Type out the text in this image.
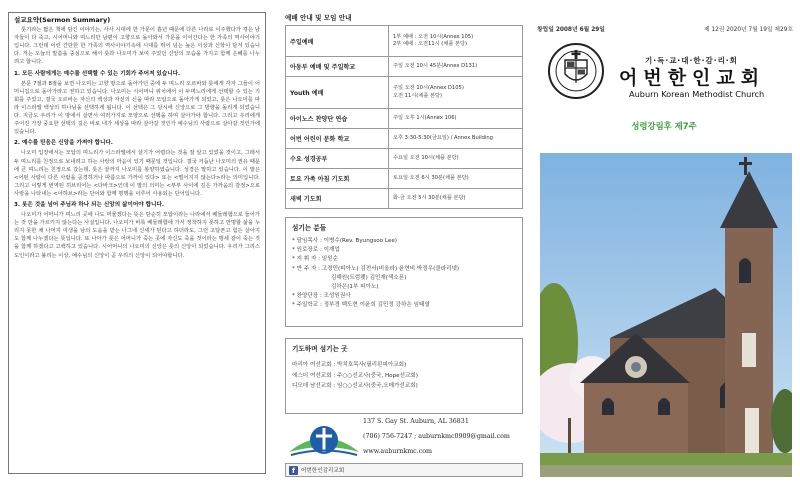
설교요약(Sermon Summary)

룻기라는 짧은 책에 담긴 이야기는, 사사 시대에 한 가문이 흉년 때문에 다른 나라로 이주했다가 겪은 남자들이 다 죽고, 시어머니와 며느리만 남편이 고향으로 돌아와서 가문을 이어간다는 한 가족의 역사이야기입니다. 그런데 이런 간단한 한 가족의 역사이야기속에 시대를 뛰어 넘는 높은 이상과 신학이 담겨 있습니다. 저는 오늘의 말씀을 중심으로 해서 룻과 나오미가 보여 주었던 신앙의 모습을 가지고 함께 은혜를 나누려고 합니다.

1. 모든 사람에게는 예수를 선택할 수 있는 기회가 주어져 있습니다.

본문 7절과 8절을 보면 나오미는 고향 땅으로 돌아가던 중에 두 며느리 오르바와 룻에게 각자 그들이 어머니집으로 돌아가라고 권하고 있습니다. 나오미는 시어머니 위치에서 이 두며느리에게 선택할 수 있는 기회를 주었고, 결국 오르바는 자신의 백성과 자신의 신을 따라 모압으로 돌아가게 되었고, 룻은 나오미를 따라 이스라엘 백성의 하나님을 선택하게 됩니다. 이 선택은 그 당시에 신앙으로 그 방향을 돌리게 되었습니다. 지금도 우리가 이 땅에서 살면서 여러가지로 모양으로 선택을 하며 살아가야 합니다. 그리고 우리에게 주어진 가장 중요한 선택의 길은 바로 내가 세상을 따라 살아갈 것인가 예수님의 사람으로 살아갈 것인가에 있습니다.

2. 예수를 믿음은 신앙을 가져야 합니다.

나오미 입장에서는 모압의 며느리가 이스라엘에서 살기가 어렵다는 것을 잘 알고 있었을 것이고, 그래서 두 며느리를 친정으로 보내려고 하는 사랑의 마음이 있기 때문일 것입니다. 결국 거듭난 나오미의 권유 때문에 큰 며느리는 친정으로 갔는데, 룻은 끝까지 나오미를 봉양하였습니다. 성경은 말하고 있습니다. 이 말은 <어떤 사람이 다른 사람을 공경하거나 따름으로 가까이 있다> 또는 <떨어지지 않는다>라는 의미입니다. 그리고 이렇게 번역된 히브리어는 <다바크>인데 이 말의 의미는 <부부 사이에 깊은 가까움의 감정>으로 사랑을 나타내는 <아하브>라는 단어와 함께 평행을 이루어 사용되는 단어입니다.

3. 룻은 것을 넘어 주님과 하나 되는 신앙의 삶이어야 합니다.

나오미가 어머니가 며느리 곳에 나도 머물겠다는 뜻은 단순히 모압이라는 나라에서 베들레헴으로 들어가는 것 만을 가르키지 않는다는 사실입니다. 나오미가 비록 베들레헴에 가서 정착하지 못하고 만명할 삶을 누리지 못한 채 나머지 여생을 남의 도움을 받는 나그네 신세가 된다고 하더라도, 그런 고달픈고 힘든 살아지도 함께 나누겠다는 뜻입니다. 또 나아가 룻은 어머니가 죽는 곳에 자신도 죽을 것이라는 맹세 같이 죽는 것을 함께 하겠다고 고백하고 있습니다. 시어머니의 나오미의 신앙은 룻의 신앙이 되었습니다. 우리가 그리스도인이라고 불리는 이상, 예수님의 신앙이 곧 우리의 신앙이 되어야합니다.

예배 안내 및 모임 안내
주일예배	1부 예배 : 오전 10시(Annex 105)
2부 예배 : 오전11시 (채플 본당)

아동부 예배 및 주일학교	주일 오전 10시 45분(Annex D131)

Youth 예배	주일 오전 10시(Annex D105)
오전 11시(채플 본당)

아이노스 찬양단 연습	주일 오후 1시(Annex 106)

어번 어린이 문화 학교	오후 3:30-5:30(금요일) / Annex Building

수요 성경공부	수요일 오전 10시(채플 본당)

토요 가족 아침 기도회	토요일 오전 6시 30분(채플 본당)

새벽 기도회	화-금 오전 5시 30분(채플 본당)
섬기는 분들
* 담임목사 : 이병수(Rev. Byungsoo Lee)
* 원로장로 : 이재업
* 지 휘 자 : 임원순
* 반 주 자 : 고경민(피아노) 김전서(비올라) 윤현비 박정우(클라리넷)
김해원(트럼펫) 김민재(색소폰)
김하은(1부 피아노)
* 찬양단장 : 조성원권사
* 주일학교 : 정부경 백도현 이윤희 김민정 강하은 임태열
기도하며 섬기는 곳
마리아 여선교회 : 박치호목사(필리핀피아교회)
에스더 여선교회 : 주○○선교사(중국, Hope선교회)
디모데 남선교회 : 임○○선교사(중국,오메가선교회)
137 S. Gay St. Auburn, AL 36831
(706) 756-7247 ; auburnkmc0909@gmail.com
www.auburnkmc.com
f	어번한인감리교회
창립일 2008년 6월 29일	제 12권 2020년 7월 19일 제29호
기·독·교·대·한·감·리·회
어번한인교회
Auburn Korean Methodist Church
성령강림후 제7주
